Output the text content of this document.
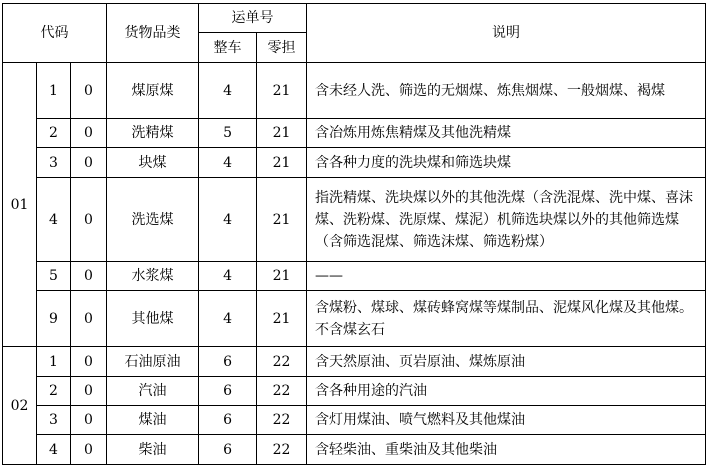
代码			货物品类	运单号		说明
				整车	零担	
01	1	0	煤原煤	4	21	含未经人洗、筛选的无烟煤、炼焦烟煤、一般烟煤、褐煤
	2	0	洗精煤	5	21	含冶炼用炼焦精煤及其他洗精煤
	3	0	块煤	4	21	含各种力度的洗块煤和筛选块煤
	4	0	洗选煤	4	21	指洗精煤、洗块煤以外的其他洗煤（含洗混煤、洗中煤、喜沫煤、洗粉煤、洗原煤、煤泥）机筛选块煤以外的其他筛选煤（含筛选混煤、筛选沫煤、筛选粉煤）
	5	0	水浆煤	4	21	——
	9	0	其他煤	4	21	含煤粉、煤球、煤砖蜂窝煤等煤制品、泥煤风化煤及其他煤。不含煤玄石
02	1	0	石油原油	6	22	含天然原油、页岩原油、煤炼原油
	2	0	汽油	6	22	含各种用途的汽油
	3	0	煤油	6	22	含灯用煤油、喷气燃料及其他煤油
	4	0	柴油	6	22	含轻柴油、重柴油及其他柴油
